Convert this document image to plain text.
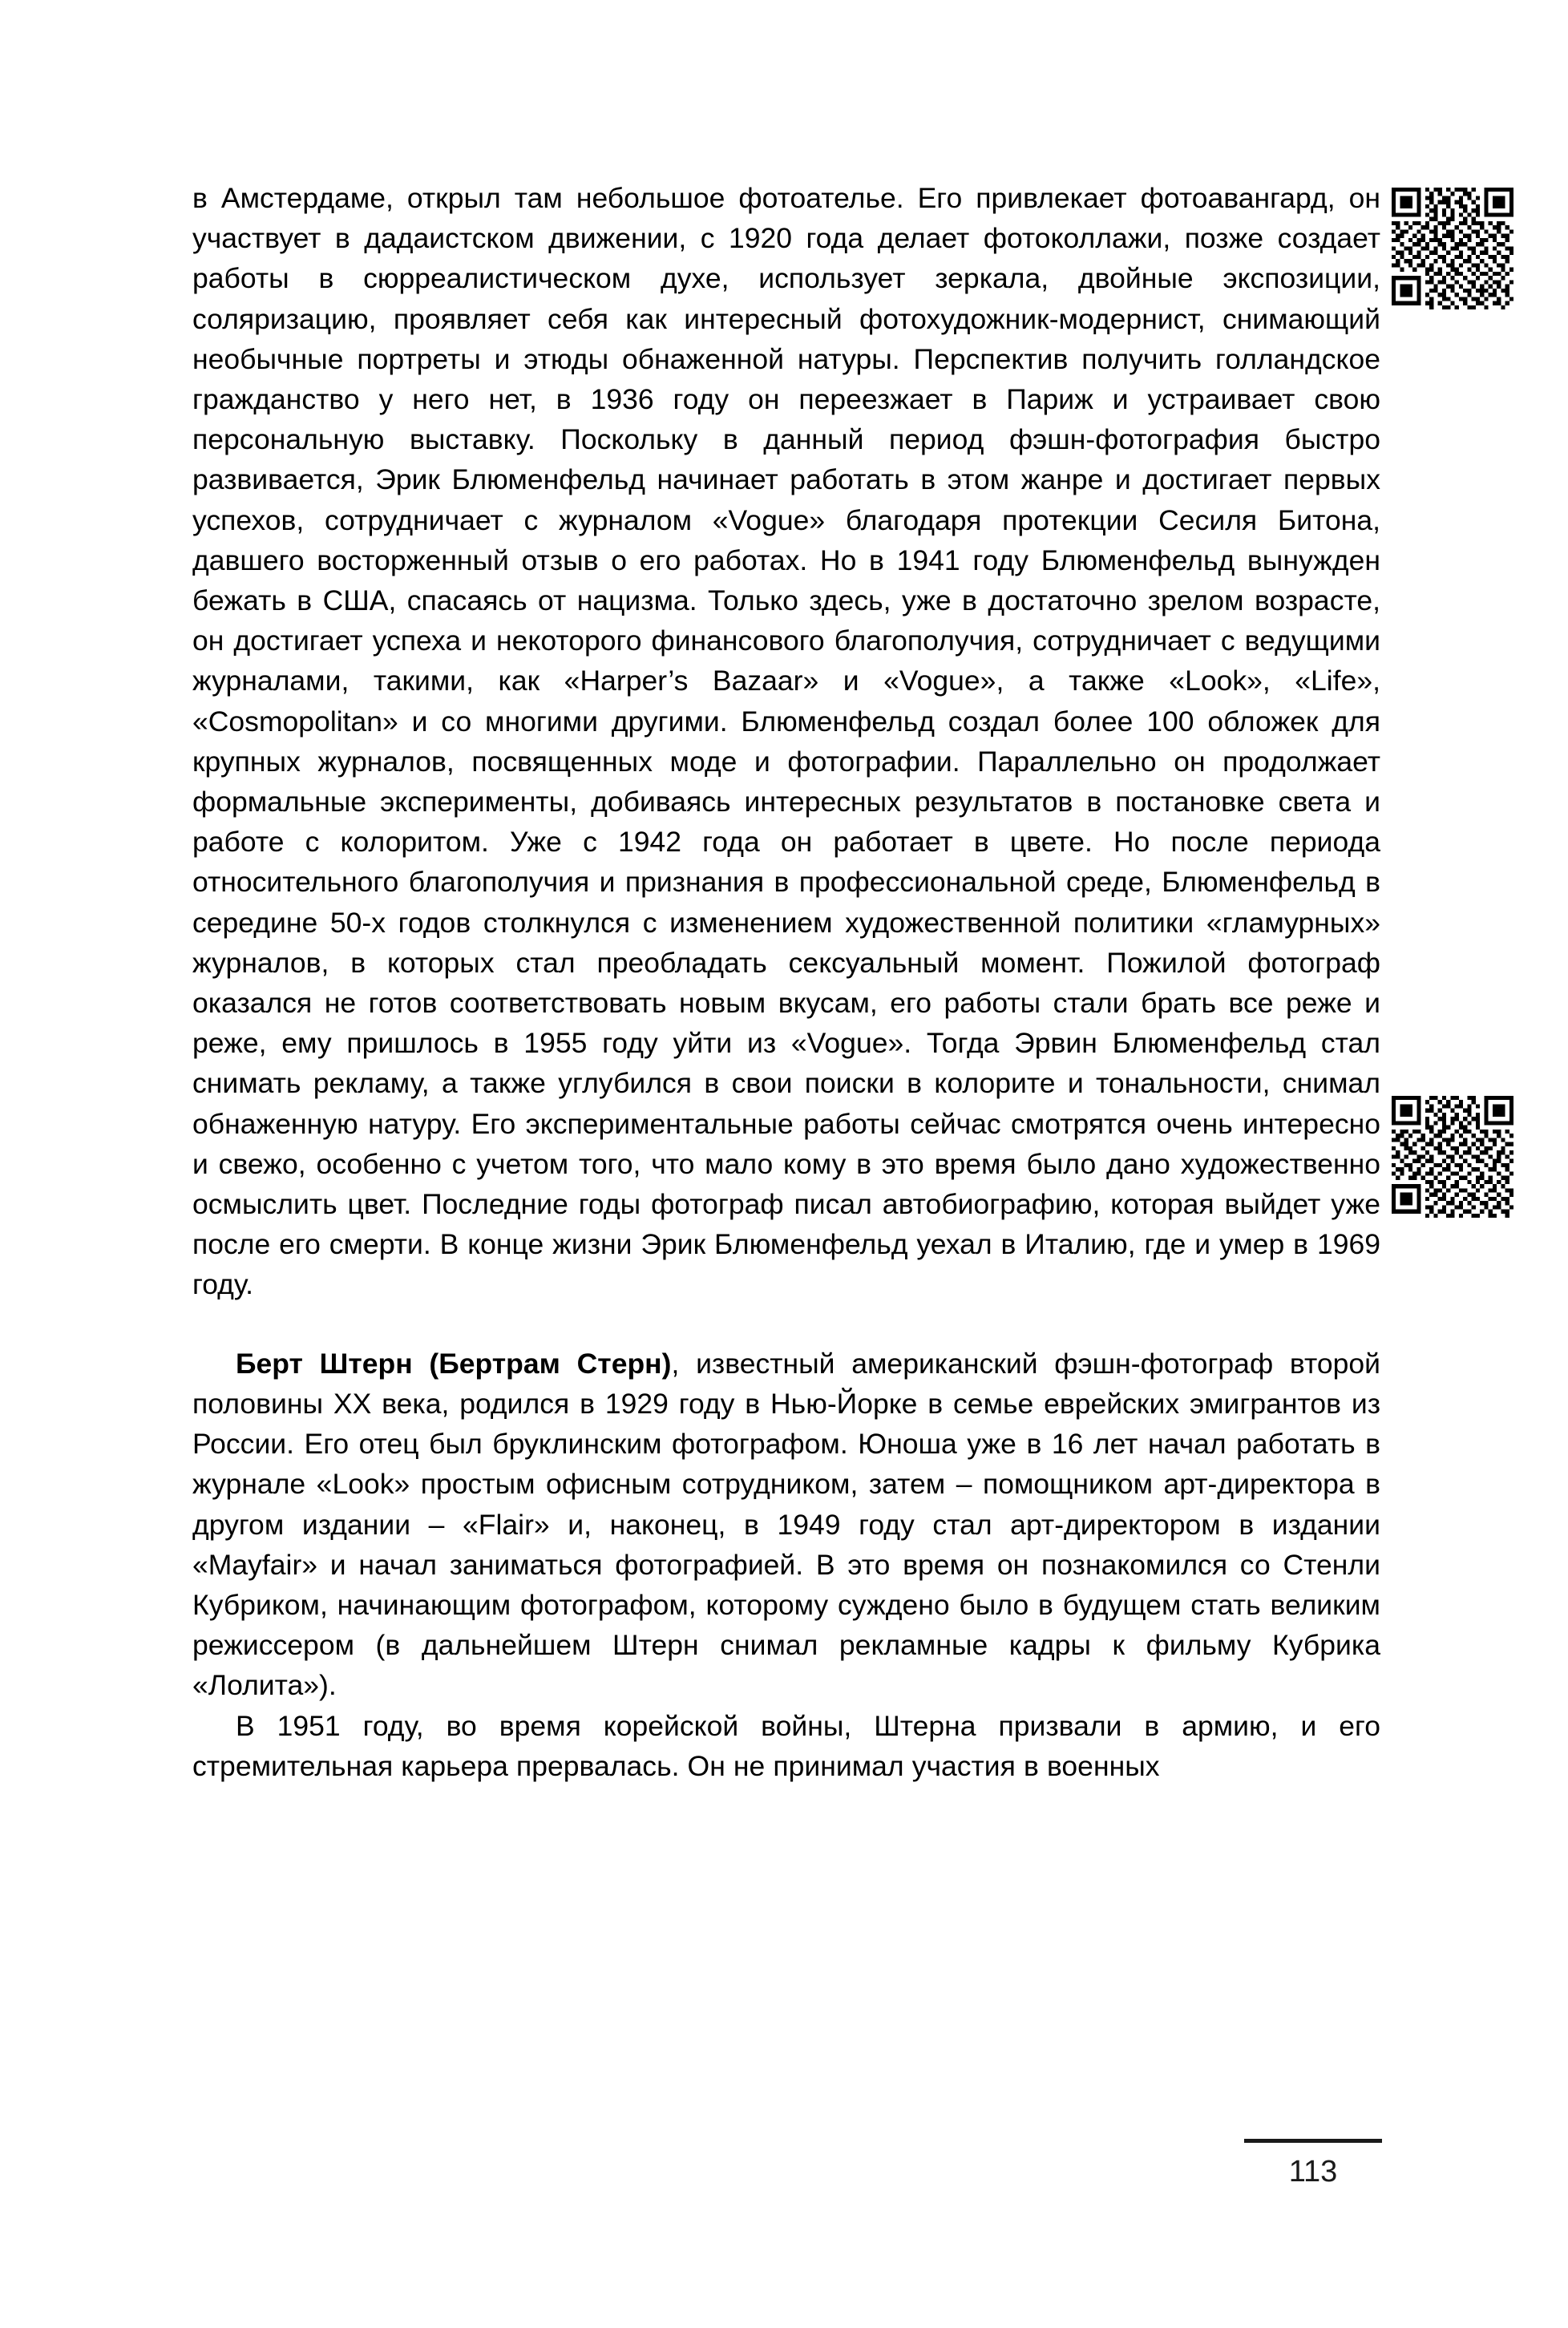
в Амстердаме, открыл там небольшое фотоателье. Его привлекает фотоавангард, он участвует в дадаистском движении, с 1920 года делает фотоколлажи, позже создает работы в сюрреалистическом духе, использует зеркала, двойные экспозиции, соляризацию, проявляет себя как интересный фотохудожник-модернист, снимающий необычные портреты и этюды обнаженной натуры. Перспектив получить голландское гражданство у него нет, в 1936 году он переезжает в Париж и устраивает свою персональную выставку. Поскольку в данный период фэшн-фотография быстро развивается, Эрик Блюменфельд начинает работать в этом жанре и достигает первых успехов, сотрудничает с журналом «Vogue» благодаря протекции Сесиля Битона, давшего восторженный отзыв о его работах. Но в 1941 году Блюменфельд вынужден бежать в США, спасаясь от нацизма. Только здесь, уже в достаточно зрелом возрасте, он достигает успеха и некоторого финансового благополучия, сотрудничает с ведущими журналами, такими, как «Harper’s Bazaar» и «Vogue», а также «Look», «Life», «Cosmopolitan» и со многими другими. Блюменфельд создал более 100 обложек для крупных журналов, посвященных моде и фотографии. Параллельно он продолжает формальные эксперименты, добиваясь интересных результатов в постановке света и работе с колоритом. Уже с 1942 года он работает в цвете. Но после периода относительного благополучия и признания в профессиональной среде, Блюменфельд в середине 50-х годов столкнулся с изменением художественной политики «гламурных» журналов, в которых стал преобладать сексуальный момент. Пожилой фотограф оказался не готов соответствовать новым вкусам, его работы стали брать все реже и реже, ему пришлось в 1955 году уйти из «Vogue». Тогда Эрвин Блюменфельд стал снимать рекламу, а также углубился в свои поиски в колорите и тональности, снимал обнаженную натуру. Его экспериментальные работы сейчас смотрятся очень интересно и свежо, особенно с учетом того, что мало кому в это время было дано художественно осмыслить цвет. Последние годы фотограф писал автобиографию, которая выйдет уже после его смерти. В конце жизни Эрик Блюменфельд уехал в Италию, где и умер в 1969 году.

Берт Штерн (Бертрам Стерн), известный американский фэшн-фотограф второй половины XX века, родился в 1929 году в Нью-Йорке в семье еврейских эмигрантов из России. Его отец был бруклинским фотографом. Юноша уже в 16 лет начал работать в журнале «Look» простым офисным сотрудником, затем – помощником арт-директора в другом издании – «Flair» и, наконец, в 1949 году стал арт-директором в издании «Mayfair» и начал заниматься фотографией. В это время он познакомился со Стенли Кубриком, начинающим фотографом, которому суждено было в будущем стать великим режиссером (в дальнейшем Штерн снимал рекламные кадры к фильму Кубрика «Лолита»).

В 1951 году, во время корейской войны, Штерна призвали в армию, и его стремительная карьера прервалась. Он не принимал участия в военных

113
